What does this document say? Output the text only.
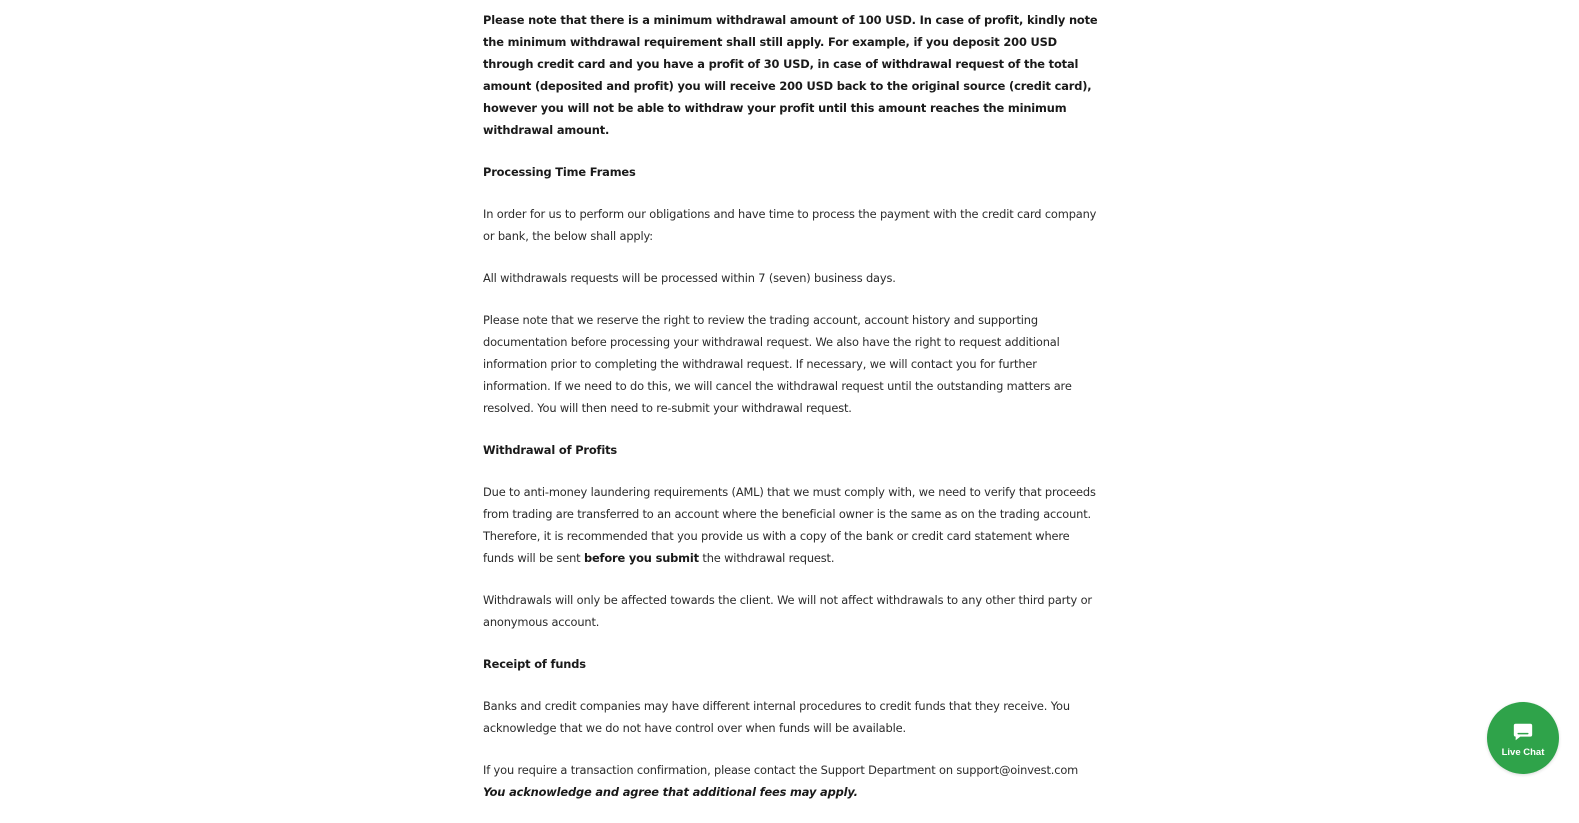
Please note that there is a minimum withdrawal amount of 100 USD. In case of profit, kindly note the minimum withdrawal requirement shall still apply. For example, if you deposit 200 USD through credit card and you have a profit of 30 USD, in case of withdrawal request of the total amount (deposited and profit) you will receive 200 USD back to the original source (credit card), however you will not be able to withdraw your profit until this amount reaches the minimum withdrawal amount.

Processing Time Frames

In order for us to perform our obligations and have time to process the payment with the credit card company or bank, the below shall apply:

All withdrawals requests will be processed within 7 (seven) business days.

Please note that we reserve the right to review the trading account, account history and supporting documentation before processing your withdrawal request. We also have the right to request additional information prior to completing the withdrawal request. If necessary, we will contact you for further information. If we need to do this, we will cancel the withdrawal request until the outstanding matters are resolved. You will then need to re-submit your withdrawal request.

Withdrawal of Profits

Due to anti-money laundering requirements (AML) that we must comply with, we need to verify that proceeds from trading are transferred to an account where the beneficial owner is the same as on the trading account. Therefore, it is recommended that you provide us with a copy of the bank or credit card statement where funds will be sent before you submit the withdrawal request.

Withdrawals will only be affected towards the client. We will not affect withdrawals to any other third party or anonymous account.

Receipt of funds

Banks and credit companies may have different internal procedures to credit funds that they receive. You acknowledge that we do not have control over when funds will be available.

If you require a transaction confirmation, please contact the Support Department on support@oinvest.com You acknowledge and agree that additional fees may apply.

Live Chat
